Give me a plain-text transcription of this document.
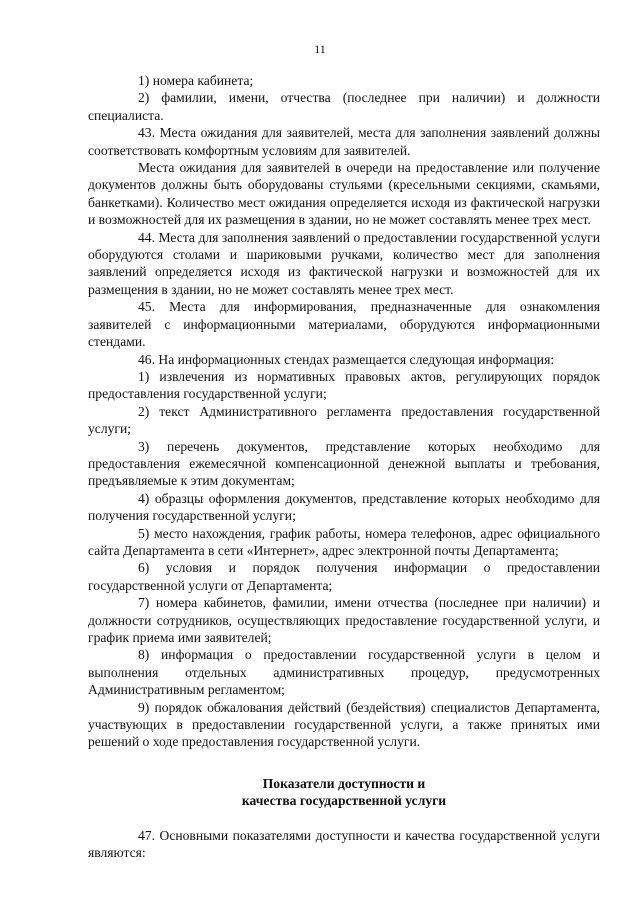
11

1) номера кабинета;

2) фамилии, имени, отчества (последнее при наличии) и должности специалиста.

43. Места ожидания для заявителей, места для заполнения заявлений должны соответствовать комфортным условиям для заявителей.

Места ожидания для заявителей в очереди на предоставление или получение документов должны быть оборудованы стульями (кресельными секциями, скамьями, банкетками). Количество мест ожидания определяется исходя из фактической нагрузки и возможностей для их размещения в здании, но не может составлять менее трех мест.

44. Места для заполнения заявлений о предоставлении государственной услуги оборудуются столами и шариковыми ручками, количество мест для заполнения заявлений определяется исходя из фактической нагрузки и возможностей для их размещения в здании, но не может составлять менее трех мест.

45. Места для информирования, предназначенные для ознакомления заявителей с информационными материалами, оборудуются информационными стендами.

46. На информационных стендах размещается следующая информация:

1) извлечения из нормативных правовых актов, регулирующих порядок предоставления государственной услуги;

2) текст Административного регламента предоставления государственной услуги;

3) перечень документов, представление которых необходимо для предоставления ежемесячной компенсационной денежной выплаты и требования, предъявляемые к этим документам;

4) образцы оформления документов, представление которых необходимо для получения государственной услуги;

5) место нахождения, график работы, номера телефонов, адрес официального сайта Департамента в сети «Интернет», адрес электронной почты Департамента;

6) условия и порядок получения информации о предоставлении государственной услуги от Департамента;

7) номера кабинетов, фамилии, имени отчества (последнее при наличии) и должности сотрудников, осуществляющих предоставление государственной услуги, и график приема ими заявителей;

8) информация о предоставлении государственной услуги в целом и выполнения отдельных административных процедур, предусмотренных Административным регламентом;

9) порядок обжалования действий (бездействия) специалистов Департамента, участвующих в предоставлении государственной услуги, а также принятых ими решений о ходе предоставления государственной услуги.

Показатели доступности и
качества государственной услуги

47. Основными показателями доступности и качества государственной услуги являются:
